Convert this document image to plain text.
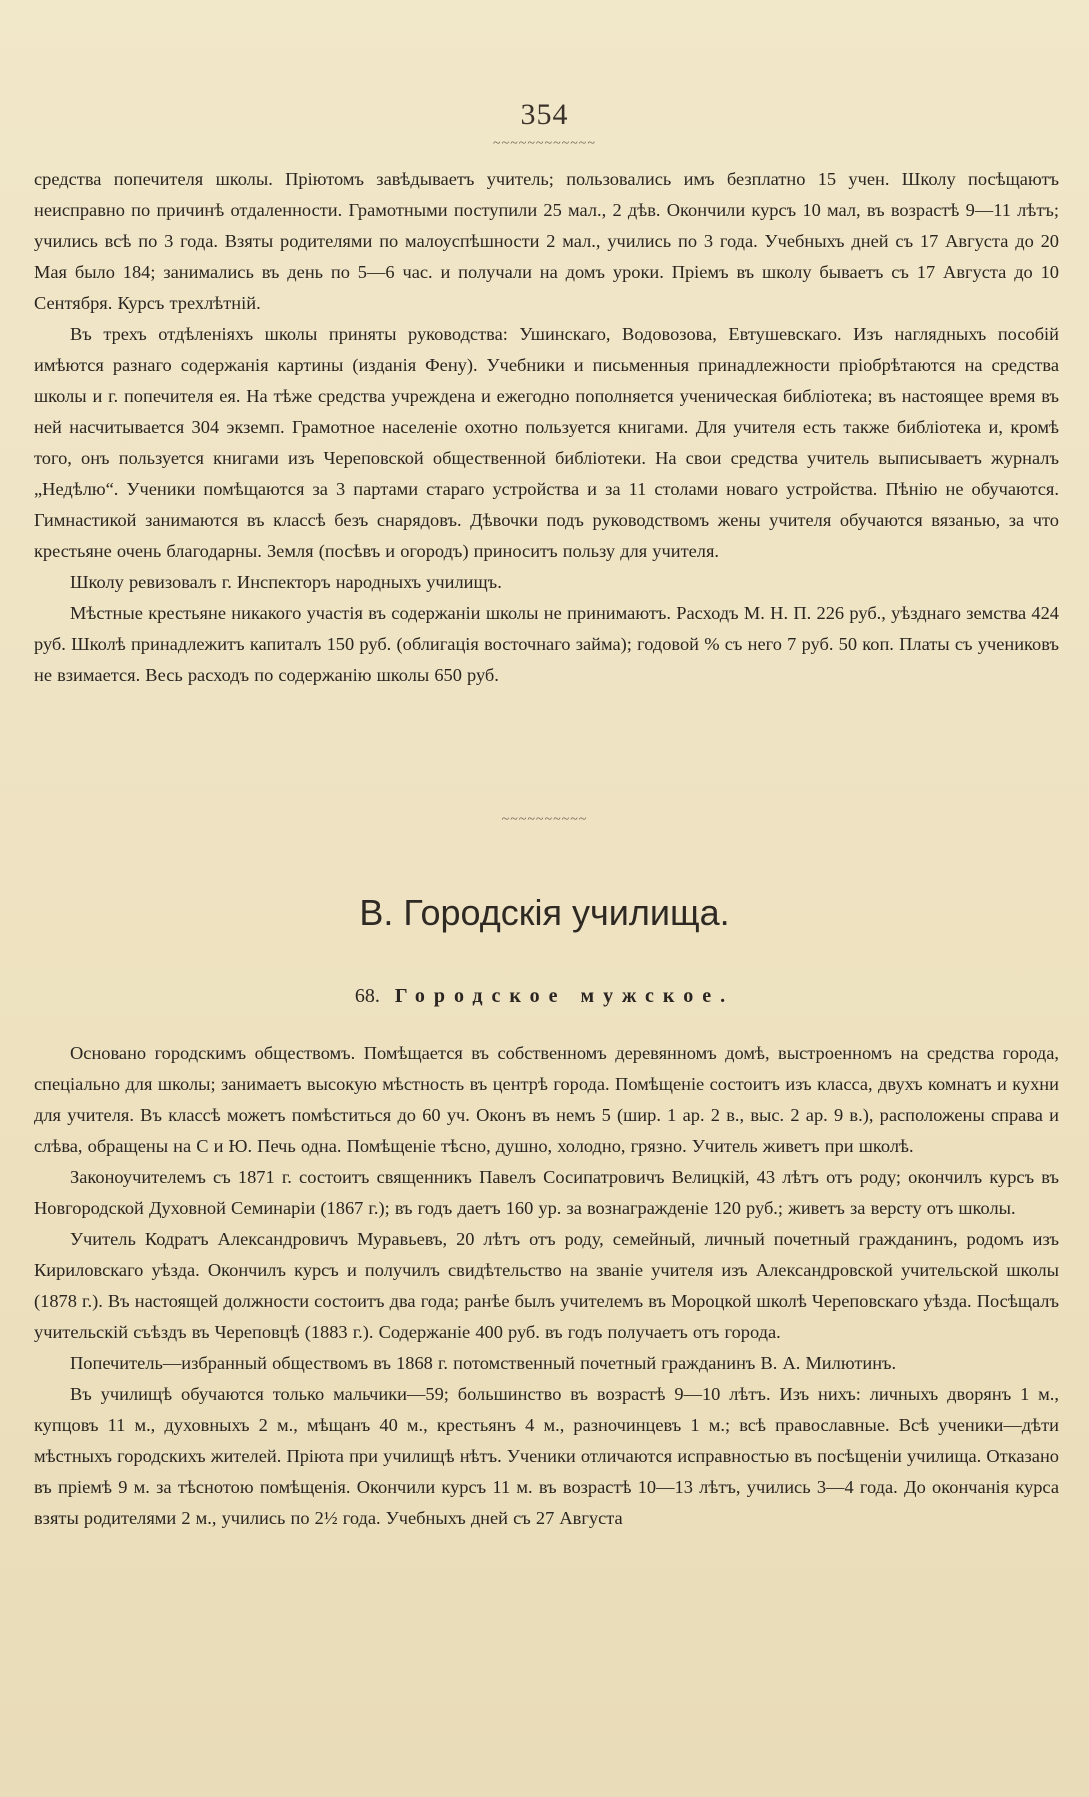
354
~~~~~~~~~~~~

средства попечителя школы. Пріютомъ завѣдываетъ учитель; пользовались имъ безплатно 15 учен. Школу посѣщаютъ неисправно по причинѣ отдаленности. Грамотными поступили 25 мал., 2 дѣв. Окончили курсъ 10 мал, въ возрастѣ 9—11 лѣтъ; учились всѣ по 3 года. Взяты родителями по малоуспѣшности 2 мал., учились по 3 года. Учебныхъ дней съ 17 Августа до 20 Мая было 184; занимались въ день по 5—6 час. и получали на домъ уроки. Пріемъ въ школу бываетъ съ 17 Августа до 10 Сентября. Курсъ трехлѣтній.

Въ трехъ отдѣленіяхъ школы приняты руководства: Ушинскаго, Водовозова, Евтушевскаго. Изъ наглядныхъ пособій имѣются разнаго содержанія картины (изданія Фену). Учебники и письменныя принадлежности пріобрѣтаются на средства школы и г. попечителя ея. На тѣже средства учреждена и ежегодно пополняется ученическая библіотека; въ настоящее время въ ней насчитывается 304 экземп. Грамотное населеніе охотно пользуется книгами. Для учителя есть также библіотека и, кромѣ того, онъ пользуется книгами изъ Череповской общественной библіотеки. На свои средства учитель выписываетъ журналъ „Недѣлю“. Ученики помѣщаются за 3 партами стараго устройства и за 11 столами новаго устройства. Пѣнію не обучаются. Гимнастикой занимаются въ классѣ безъ снарядовъ. Дѣвочки подъ руководствомъ жены учителя обучаются вязанью, за что крестьяне очень благодарны. Земля (посѣвъ и огородъ) приноситъ пользу для учителя.

Школу ревизовалъ г. Инспекторъ народныхъ училищъ.

Мѣстные крестьяне никакого участія въ содержаніи школы не принимаютъ. Расходъ М. Н. П. 226 руб., уѣзднаго земства 424 руб. Школѣ принадлежитъ капиталъ 150 руб. (облигація восточнаго займа); годовой % съ него 7 руб. 50 коп. Платы съ учениковъ не взимается. Весь расходъ по содержанію школы 650 руб.

~~~~~~~~~~
В. Городскія училища.
68. Городское мужское.

Основано городскимъ обществомъ. Помѣщается въ собственномъ деревянномъ домѣ, выстроенномъ на средства города, спеціально для школы; занимаетъ высокую мѣстность въ центрѣ города. Помѣщеніе состоитъ изъ класса, двухъ комнатъ и кухни для учителя. Въ классѣ можетъ помѣститься до 60 уч. Оконъ въ немъ 5 (шир. 1 ар. 2 в., выс. 2 ар. 9 в.), расположены справа и слѣва, обращены на С и Ю. Печь одна. Помѣщеніе тѣсно, душно, холодно, грязно. Учитель живетъ при школѣ.

Законоучителемъ съ 1871 г. состоитъ священникъ Павелъ Сосипатровичъ Велицкій, 43 лѣтъ отъ роду; окончилъ курсъ въ Новгородской Духовной Семинаріи (1867 г.); въ годъ даетъ 160 ур. за вознагражденіе 120 руб.; живетъ за версту отъ школы.

Учитель Кодратъ Александровичъ Муравьевъ, 20 лѣтъ отъ роду, семейный, личный почетный гражданинъ, родомъ изъ Кириловскаго уѣзда. Окончилъ курсъ и получилъ свидѣтельство на званіе учителя изъ Александровской учительской школы (1878 г.). Въ настоящей должности состоитъ два года; ранѣе былъ учителемъ въ Мороцкой школѣ Череповскаго уѣзда. Посѣщалъ учительскій съѣздъ въ Череповцѣ (1883 г.). Содержаніе 400 руб. въ годъ получаетъ отъ города.

Попечитель—избранный обществомъ въ 1868 г. потомственный почетный гражданинъ В. А. Милютинъ.

Въ училищѣ обучаются только мальчики—59; большинство въ возрастѣ 9—10 лѣтъ. Изъ нихъ: личныхъ дворянъ 1 м., купцовъ 11 м., духовныхъ 2 м., мѣщанъ 40 м., крестьянъ 4 м., разночинцевъ 1 м.; всѣ православные. Всѣ ученики—дѣти мѣстныхъ городскихъ жителей. Пріюта при училищѣ нѣтъ. Ученики отличаются исправностью въ посѣщеніи училища. Отказано въ пріемѣ 9 м. за тѣснотою помѣщенія. Окончили курсъ 11 м. въ возрастѣ 10—13 лѣтъ, учились 3—4 года. До окончанія курса взяты родителями 2 м., учились по 2½ года. Учебныхъ дней съ 27 Августа
